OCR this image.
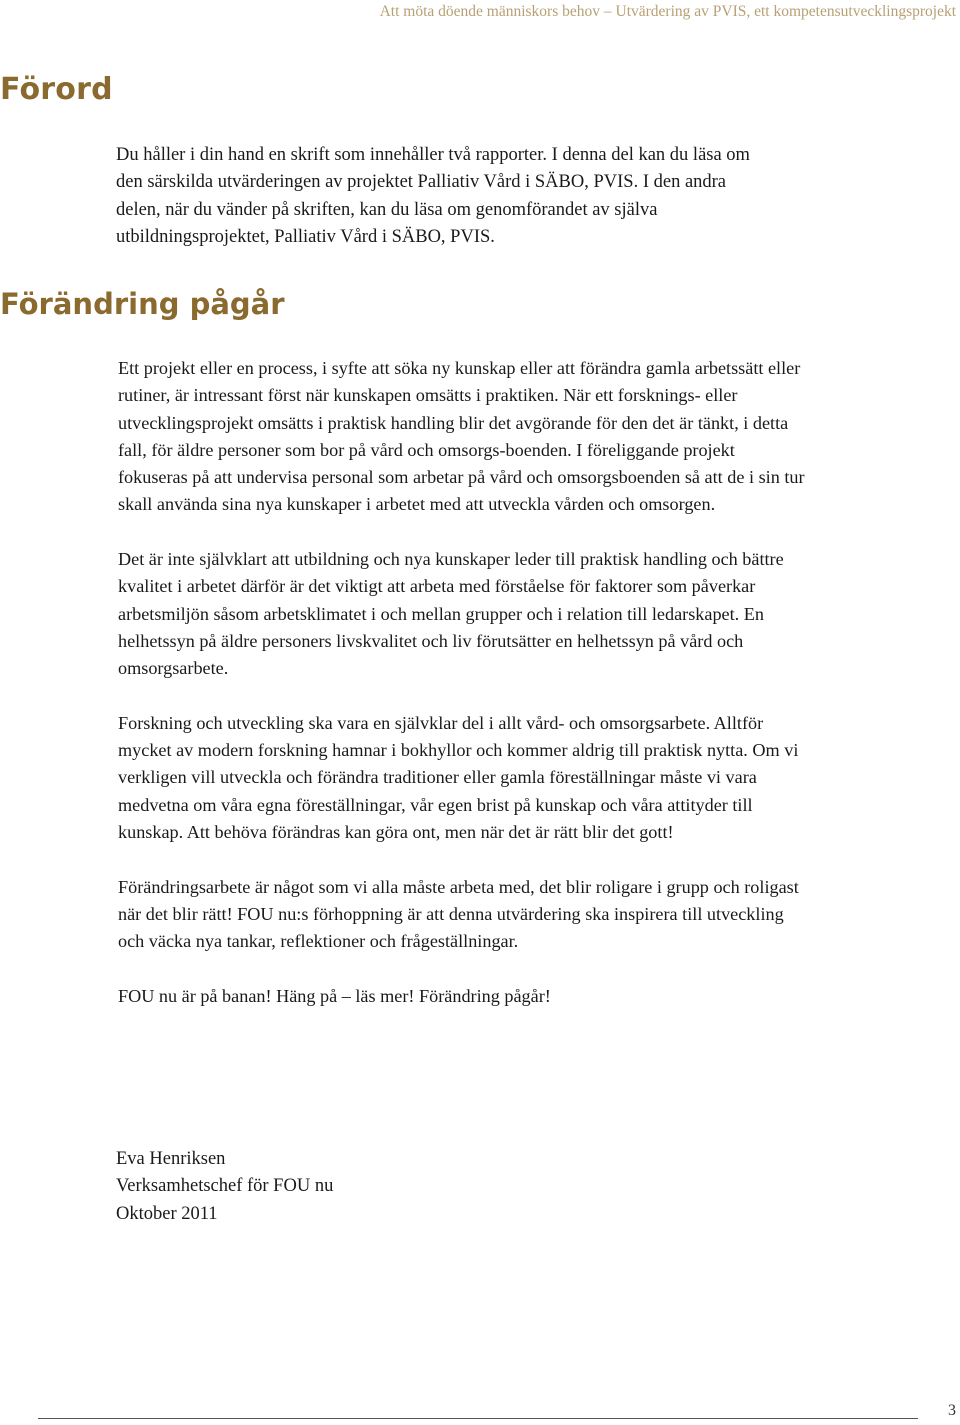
Att möta döende människors behov – Utvärdering av PVIS, ett kompetensutvecklingsprojekt
Förord

Du håller i din hand en skrift som innehåller två rapporter. I denna del kan du läsa om den särskilda utvärderingen av projektet Palliativ Vård i SÄBO, PVIS. I den andra delen, när du vänder på skriften, kan du läsa om genomförandet av själva utbildningsprojektet, Palliativ Vård i SÄBO, PVIS.

Förändring pågår

Ett projekt eller en process, i syfte att söka ny kunskap eller att förändra gamla arbetssätt eller rutiner, är intressant först när kunskapen omsätts i praktiken. När ett forsknings- eller utvecklingsprojekt omsätts i praktisk handling blir det avgörande för den det är tänkt, i detta fall, för äldre personer som bor på vård och omsorgs-boenden. I föreliggande projekt fokuseras på att undervisa personal som arbetar på vård och omsorgsboenden så att de i sin tur skall använda sina nya kunskaper i arbetet med att utveckla vården och omsorgen.

Det är inte självklart att utbildning och nya kunskaper leder till praktisk handling och bättre kvalitet i arbetet därför är det viktigt att arbeta med förståelse för faktorer som påverkar arbetsmiljön såsom arbetsklimatet i och mellan grupper och i relation till ledarskapet. En helhetssyn på äldre personers livskvalitet och liv förutsätter en helhetssyn på vård och omsorgsarbete.

Forskning och utveckling ska vara en självklar del i allt vård- och omsorgsarbete. Alltför mycket av modern forskning hamnar i bokhyllor och kommer aldrig till praktisk nytta. Om vi verkligen vill utveckla och förändra traditioner eller gamla föreställningar måste vi vara medvetna om våra egna föreställningar, vår egen brist på kunskap och våra attityder till kunskap. Att behöva förändras kan göra ont, men när det är rätt blir det gott!

Förändringsarbete är något som vi alla måste arbeta med, det blir roligare i grupp och roligast när det blir rätt! FOU nu:s förhoppning är att denna utvärdering ska inspirera till utveckling och väcka nya tankar, reflektioner och frågeställningar.

FOU nu är på banan! Häng på – läs mer! Förändring pågår!

Eva Henriksen
Verksamhetschef för FOU nu
Oktober 2011
3
